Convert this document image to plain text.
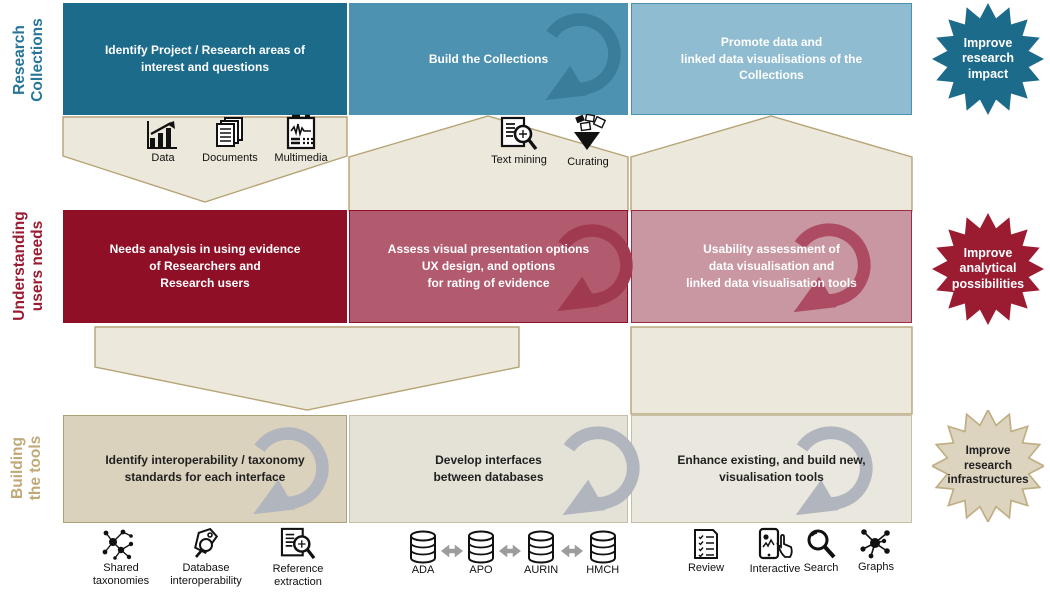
Research
Collections
Understanding
users needs
Building
the tools
Identify Project / Research areas of
interest and questions
Build the Collections
Promote data and
linked data visualisations of the
Collections
Needs analysis in using evidence
of Researchers and
Research users
Assess visual presentation options
UX design, and options
for rating of evidence
Usability assessment of
data visualisation and
linked data visualisation tools
Identify interoperability / taxonomy
standards for each interface
Develop interfaces
between databases
Enhance existing, and build new,
visualisation tools
Data	Documents Multimedia	Text mining Curating
Improve
research
impact
Improve
analytical
possibilities
Improve
research
infrastructures
Shared
taxonomies
Database
interoperability
Reference
extraction
ADA	APO	AURIN	HMCH	Review Interactive Search Graphs
